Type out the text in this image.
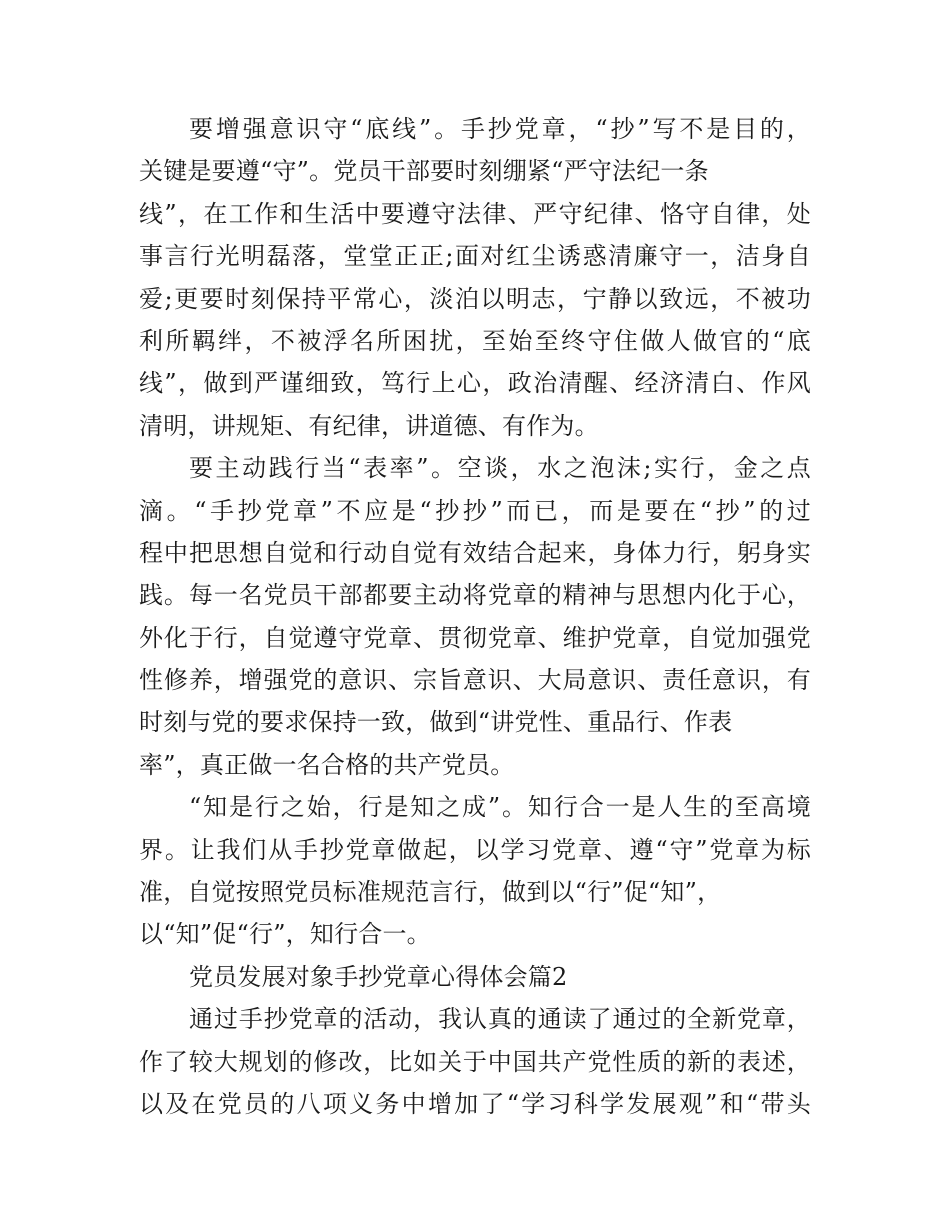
要增强意识守“底线”。手抄党章，“抄”写不是目的，
关键是要遵“守”。党员干部要时刻绷紧“严守法纪一条
线”，在工作和生活中要遵守法律、严守纪律、恪守自律，处
事言行光明磊落，堂堂正正;面对红尘诱惑清廉守一，洁身自
爱;更要时刻保持平常心，淡泊以明志，宁静以致远，不被功
利所羁绊，不被浮名所困扰，至始至终守住做人做官的“底
线”，做到严谨细致，笃行上心，政治清醒、经济清白、作风
清明，讲规矩、有纪律，讲道德、有作为。
要主动践行当“表率”。空谈，水之泡沫;实行，金之点
滴。“手抄党章”不应是“抄抄”而已，而是要在“抄”的过
程中把思想自觉和行动自觉有效结合起来，身体力行，躬身实
践。每一名党员干部都要主动将党章的精神与思想内化于心，
外化于行，自觉遵守党章、贯彻党章、维护党章，自觉加强党
性修养，增强党的意识、宗旨意识、大局意识、责任意识，有
时刻与党的要求保持一致，做到“讲党性、重品行、作表
率”，真正做一名合格的共产党员。
“知是行之始，行是知之成”。知行合一是人生的至高境
界。让我们从手抄党章做起，以学习党章、遵“守”党章为标
准，自觉按照党员标准规范言行，做到以“行”促“知”，
以“知”促“行”，知行合一。
党员发展对象手抄党章心得体会篇2
通过手抄党章的活动，我认真的通读了通过的全新党章，
作了较大规划的修改，比如关于中国共产党性质的新的表述，
以及在党员的八项义务中增加了“学习科学发展观”和“带头
